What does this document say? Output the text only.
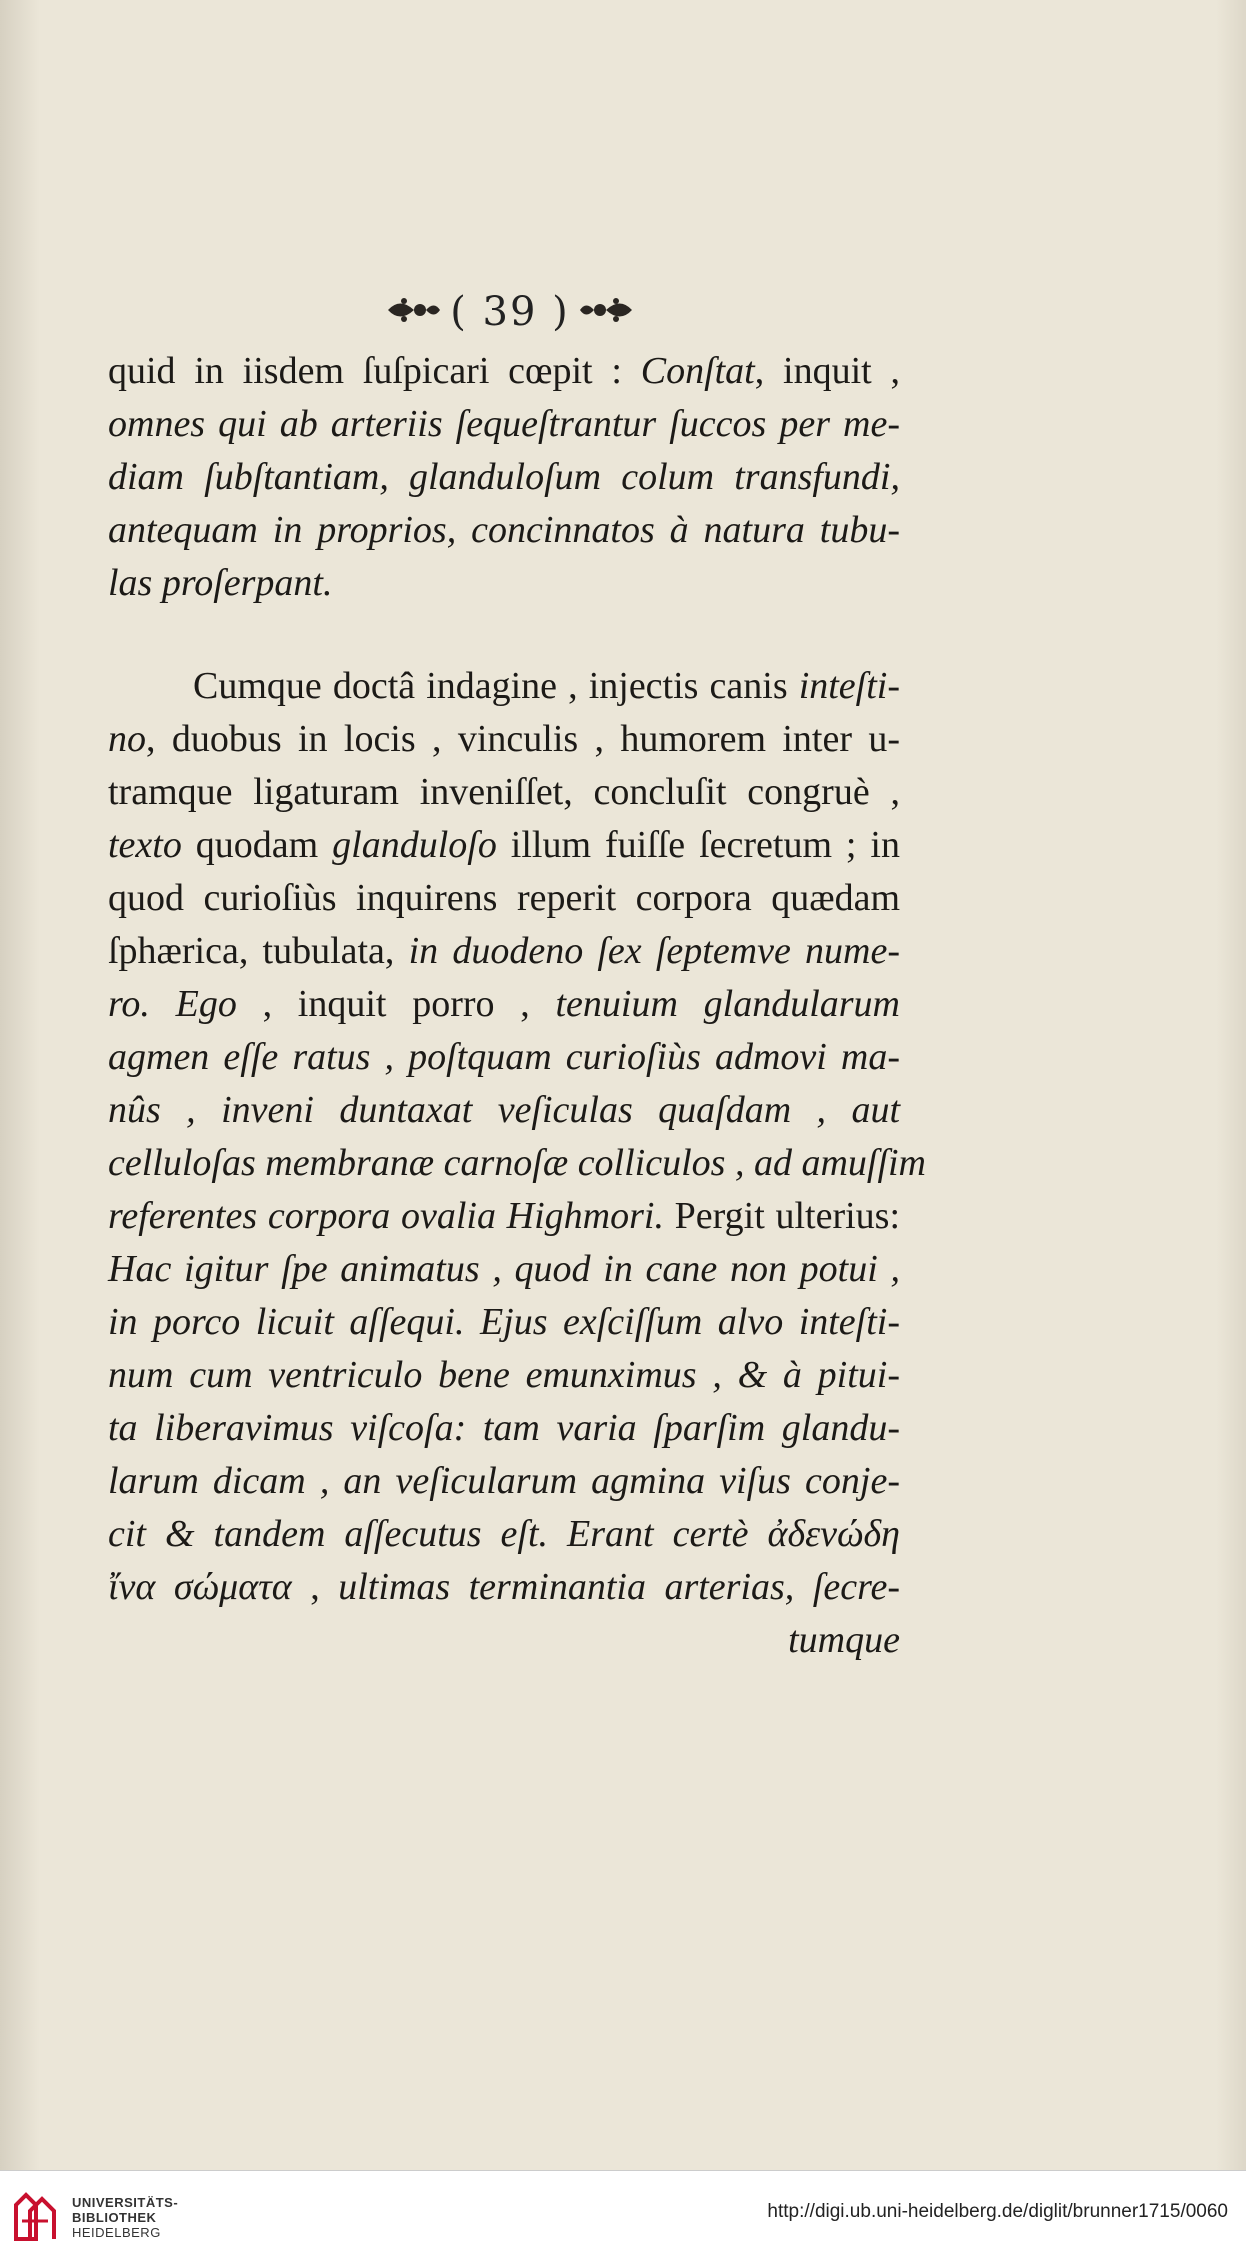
( 39 )
quid in iisdem ſuſpicari cœpit : Conſtat, inquit ,
omnes qui ab arteriis ſequeſtrantur ſuccos per me-
diam ſubſtantiam, glanduloſum colum transfundi,
antequam in proprios, concinnatos à natura tubu-
las proſerpant.
Cumque doctâ indagine , injectis canis inteſti-
no, duobus in locis , vinculis , humorem inter u-
tramque ligaturam inveniſſet, concluſit congruè ,
texto quodam glanduloſo illum fuiſſe ſecretum ; in
quod curioſiùs inquirens reperit corpora quædam
ſphærica, tubulata, in duodeno ſex ſeptemve nume-
ro. Ego , inquit porro , tenuium glandularum
agmen eſſe ratus , poſtquam curioſiùs admovi ma-
nûs , inveni duntaxat veſiculas quaſdam , aut
celluloſas membranæ carnoſæ colliculos , ad amuſſim
referentes corpora ovalia Highmori. Pergit ulterius:
Hac igitur ſpe animatus , quod in cane non potui ,
in porco licuit aſſequi. Ejus exſciſſum alvo inteſti-
num cum ventriculo bene emunximus , & à pitui-
ta liberavimus viſcoſa: tam varia ſparſim glandu-
larum dicam , an veſicularum agmina viſus conje-
cit & tandem aſſecutus eſt. Erant certè ἀδενώδη
ἴνα σώματα , ultimas terminantia arterias, ſecre-
tumque
UNIVERSITÄTS-
BIBLIOTHEK
HEIDELBERG
http://digi.ub.uni-heidelberg.de/diglit/brunner1715/0060
